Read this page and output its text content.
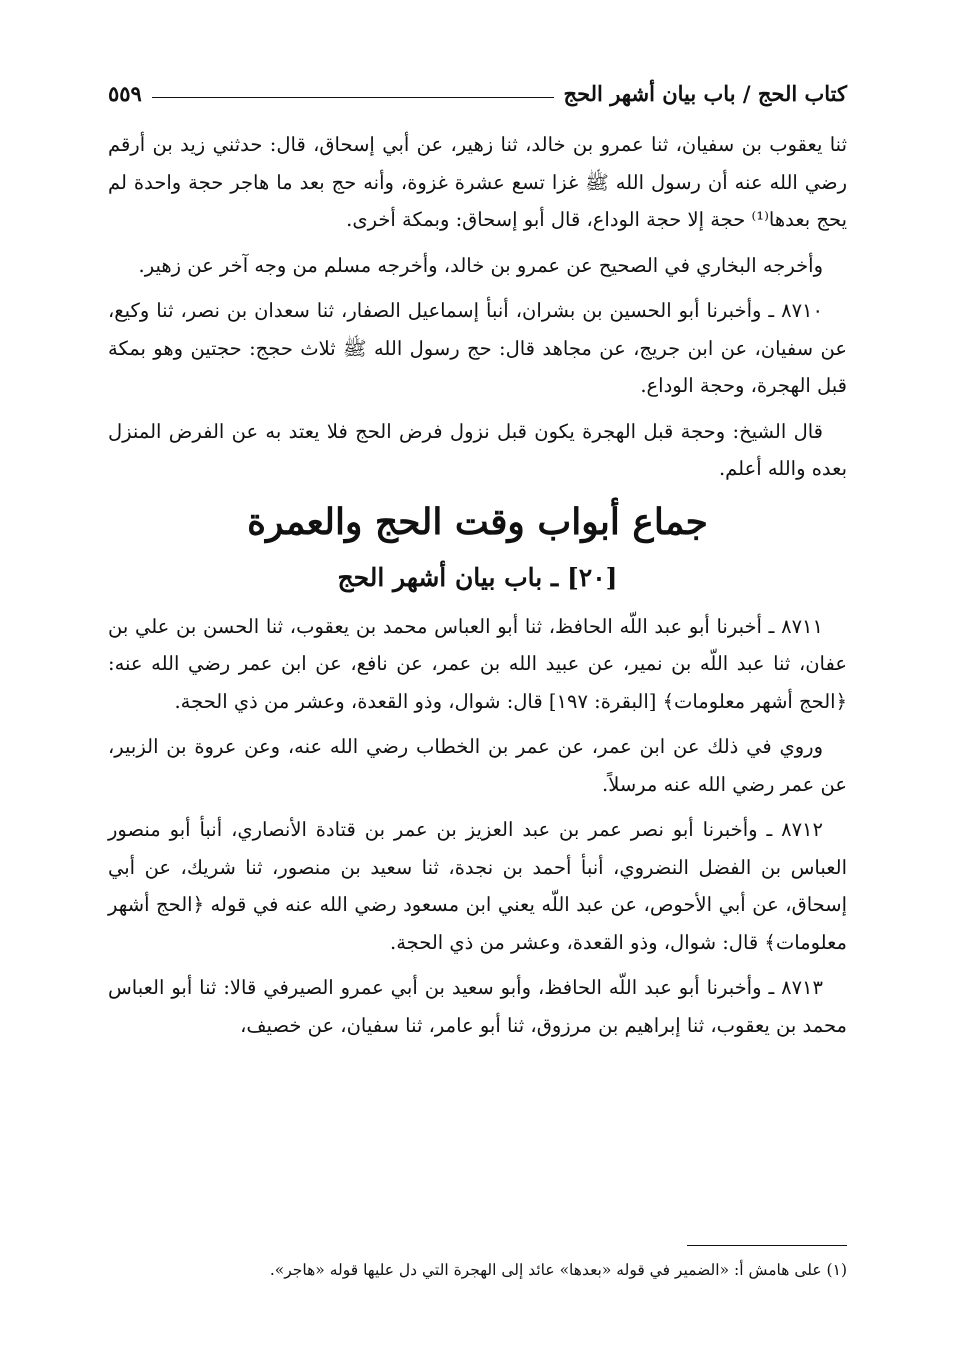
كتاب الحج / باب بيان أشهر الحج
٥٥٩

ثنا يعقوب بن سفيان، ثنا عمرو بن خالد، ثنا زهير، عن أبي إسحاق، قال: حدثني زيد بن أرقم رضي الله عنه أن رسول الله ﷺ غزا تسع عشرة غزوة، وأنه حج بعد ما هاجر حجة واحدة لم يحج بعدها⁽¹⁾ حجة إلا حجة الوداع، قال أبو إسحاق: وبمكة أخرى.

وأخرجه البخاري في الصحيح عن عمرو بن خالد، وأخرجه مسلم من وجه آخر عن زهير.

٨٧١٠ ـ وأخبرنا أبو الحسين بن بشران، أنبأ إسماعيل الصفار، ثنا سعدان بن نصر، ثنا وكيع، عن سفيان، عن ابن جريج، عن مجاهد قال: حج رسول الله ﷺ ثلاث حجج: حجتين وهو بمكة قبل الهجرة، وحجة الوداع.

قال الشيخ: وحجة قبل الهجرة يكون قبل نزول فرض الحج فلا يعتد به عن الفرض المنزل بعده والله أعلم.

جماع أبواب وقت الحج والعمرة
[٢٠] ـ باب بيان أشهر الحج

٨٧١١ ـ أخبرنا أبو عبد اللّه الحافظ، ثنا أبو العباس محمد بن يعقوب، ثنا الحسن بن علي بن عفان، ثنا عبد اللّه بن نمير، عن عبيد الله بن عمر، عن نافع، عن ابن عمر رضي الله عنه: ﴿الحج أشهر معلومات﴾ [البقرة: ١٩٧] قال: شوال، وذو القعدة، وعشر من ذي الحجة.

وروي في ذلك عن ابن عمر، عن عمر بن الخطاب رضي الله عنه، وعن عروة بن الزبير، عن عمر رضي الله عنه مرسلاً.

٨٧١٢ ـ وأخبرنا أبو نصر عمر بن عبد العزيز بن عمر بن قتادة الأنصاري، أنبأ أبو منصور العباس بن الفضل النضروي، أنبأ أحمد بن نجدة، ثنا سعيد بن منصور، ثنا شريك، عن أبي إسحاق، عن أبي الأحوص، عن عبد اللّه يعني ابن مسعود رضي الله عنه في قوله ﴿الحج أشهر معلومات﴾ قال: شوال، وذو القعدة، وعشر من ذي الحجة.

٨٧١٣ ـ وأخبرنا أبو عبد اللّه الحافظ، وأبو سعيد بن أبي عمرو الصيرفي قالا: ثنا أبو العباس محمد بن يعقوب، ثنا إبراهيم بن مرزوق، ثنا أبو عامر، ثنا سفيان، عن خصيف،

(١) على هامش أ: «الضمير في قوله «بعدها» عائد إلى الهجرة التي دل عليها قوله «هاجر».
